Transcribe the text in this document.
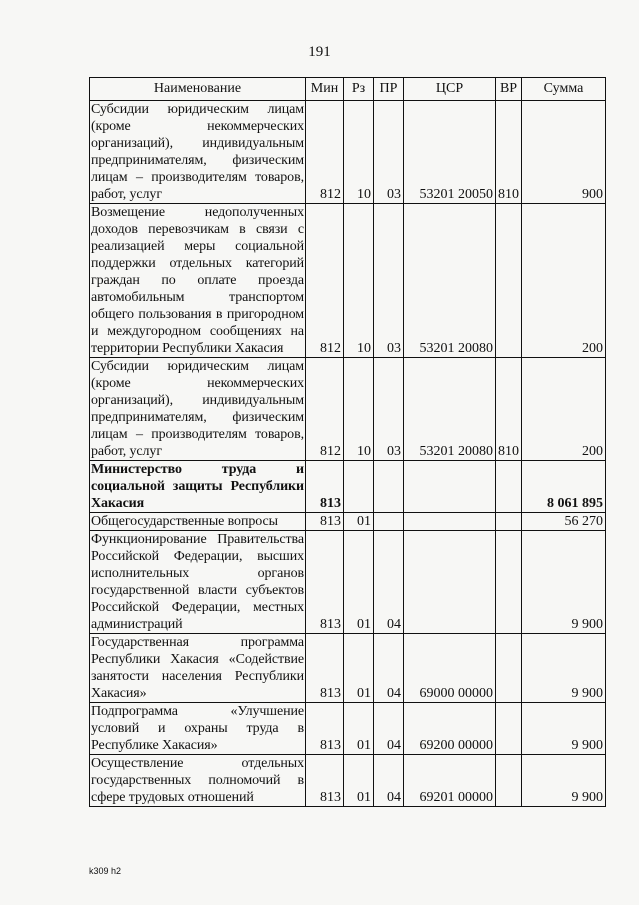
191
Наименование	Мин	Рз	ПР	ЦСР	ВР	Сумма
Субсидии юридическим лицам (кроме некоммерческих организаций), индивидуальным предпринимателям, физическим лицам – производителям товаров, работ, услуг	812	10	03	53201 20050	810	900
Возмещение недополученных доходов перевозчикам в связи с реализацией меры социальной поддержки отдельных категорий граждан по оплате проезда автомобильным транспортом общего пользования в пригородном и междугородном сообщениях на территории Республики Хакасия	812	10	03	53201 20080		200
Субсидии юридическим лицам (кроме некоммерческих организаций), индивидуальным предпринимателям, физическим лицам – производителям товаров, работ, услуг	812	10	03	53201 20080	810	200
Министерство труда и социальной защиты Республики Хакасия	813					8 061 895
Общегосударственные вопросы	813	01				56 270
Функционирование Правительства Российской Федерации, высших исполнительных органов государственной власти субъектов Российской Федерации, местных администраций	813	01	04			9 900
Государственная программа Республики Хакасия «Содействие занятости населения Республики Хакасия»	813	01	04	69000 00000		9 900
Подпрограмма «Улучшение условий и охраны труда в Республике Хакасия»	813	01	04	69200 00000		9 900
Осуществление отдельных государственных полномочий в сфере трудовых отношений	813	01	04	69201 00000		9 900
k309 h2
